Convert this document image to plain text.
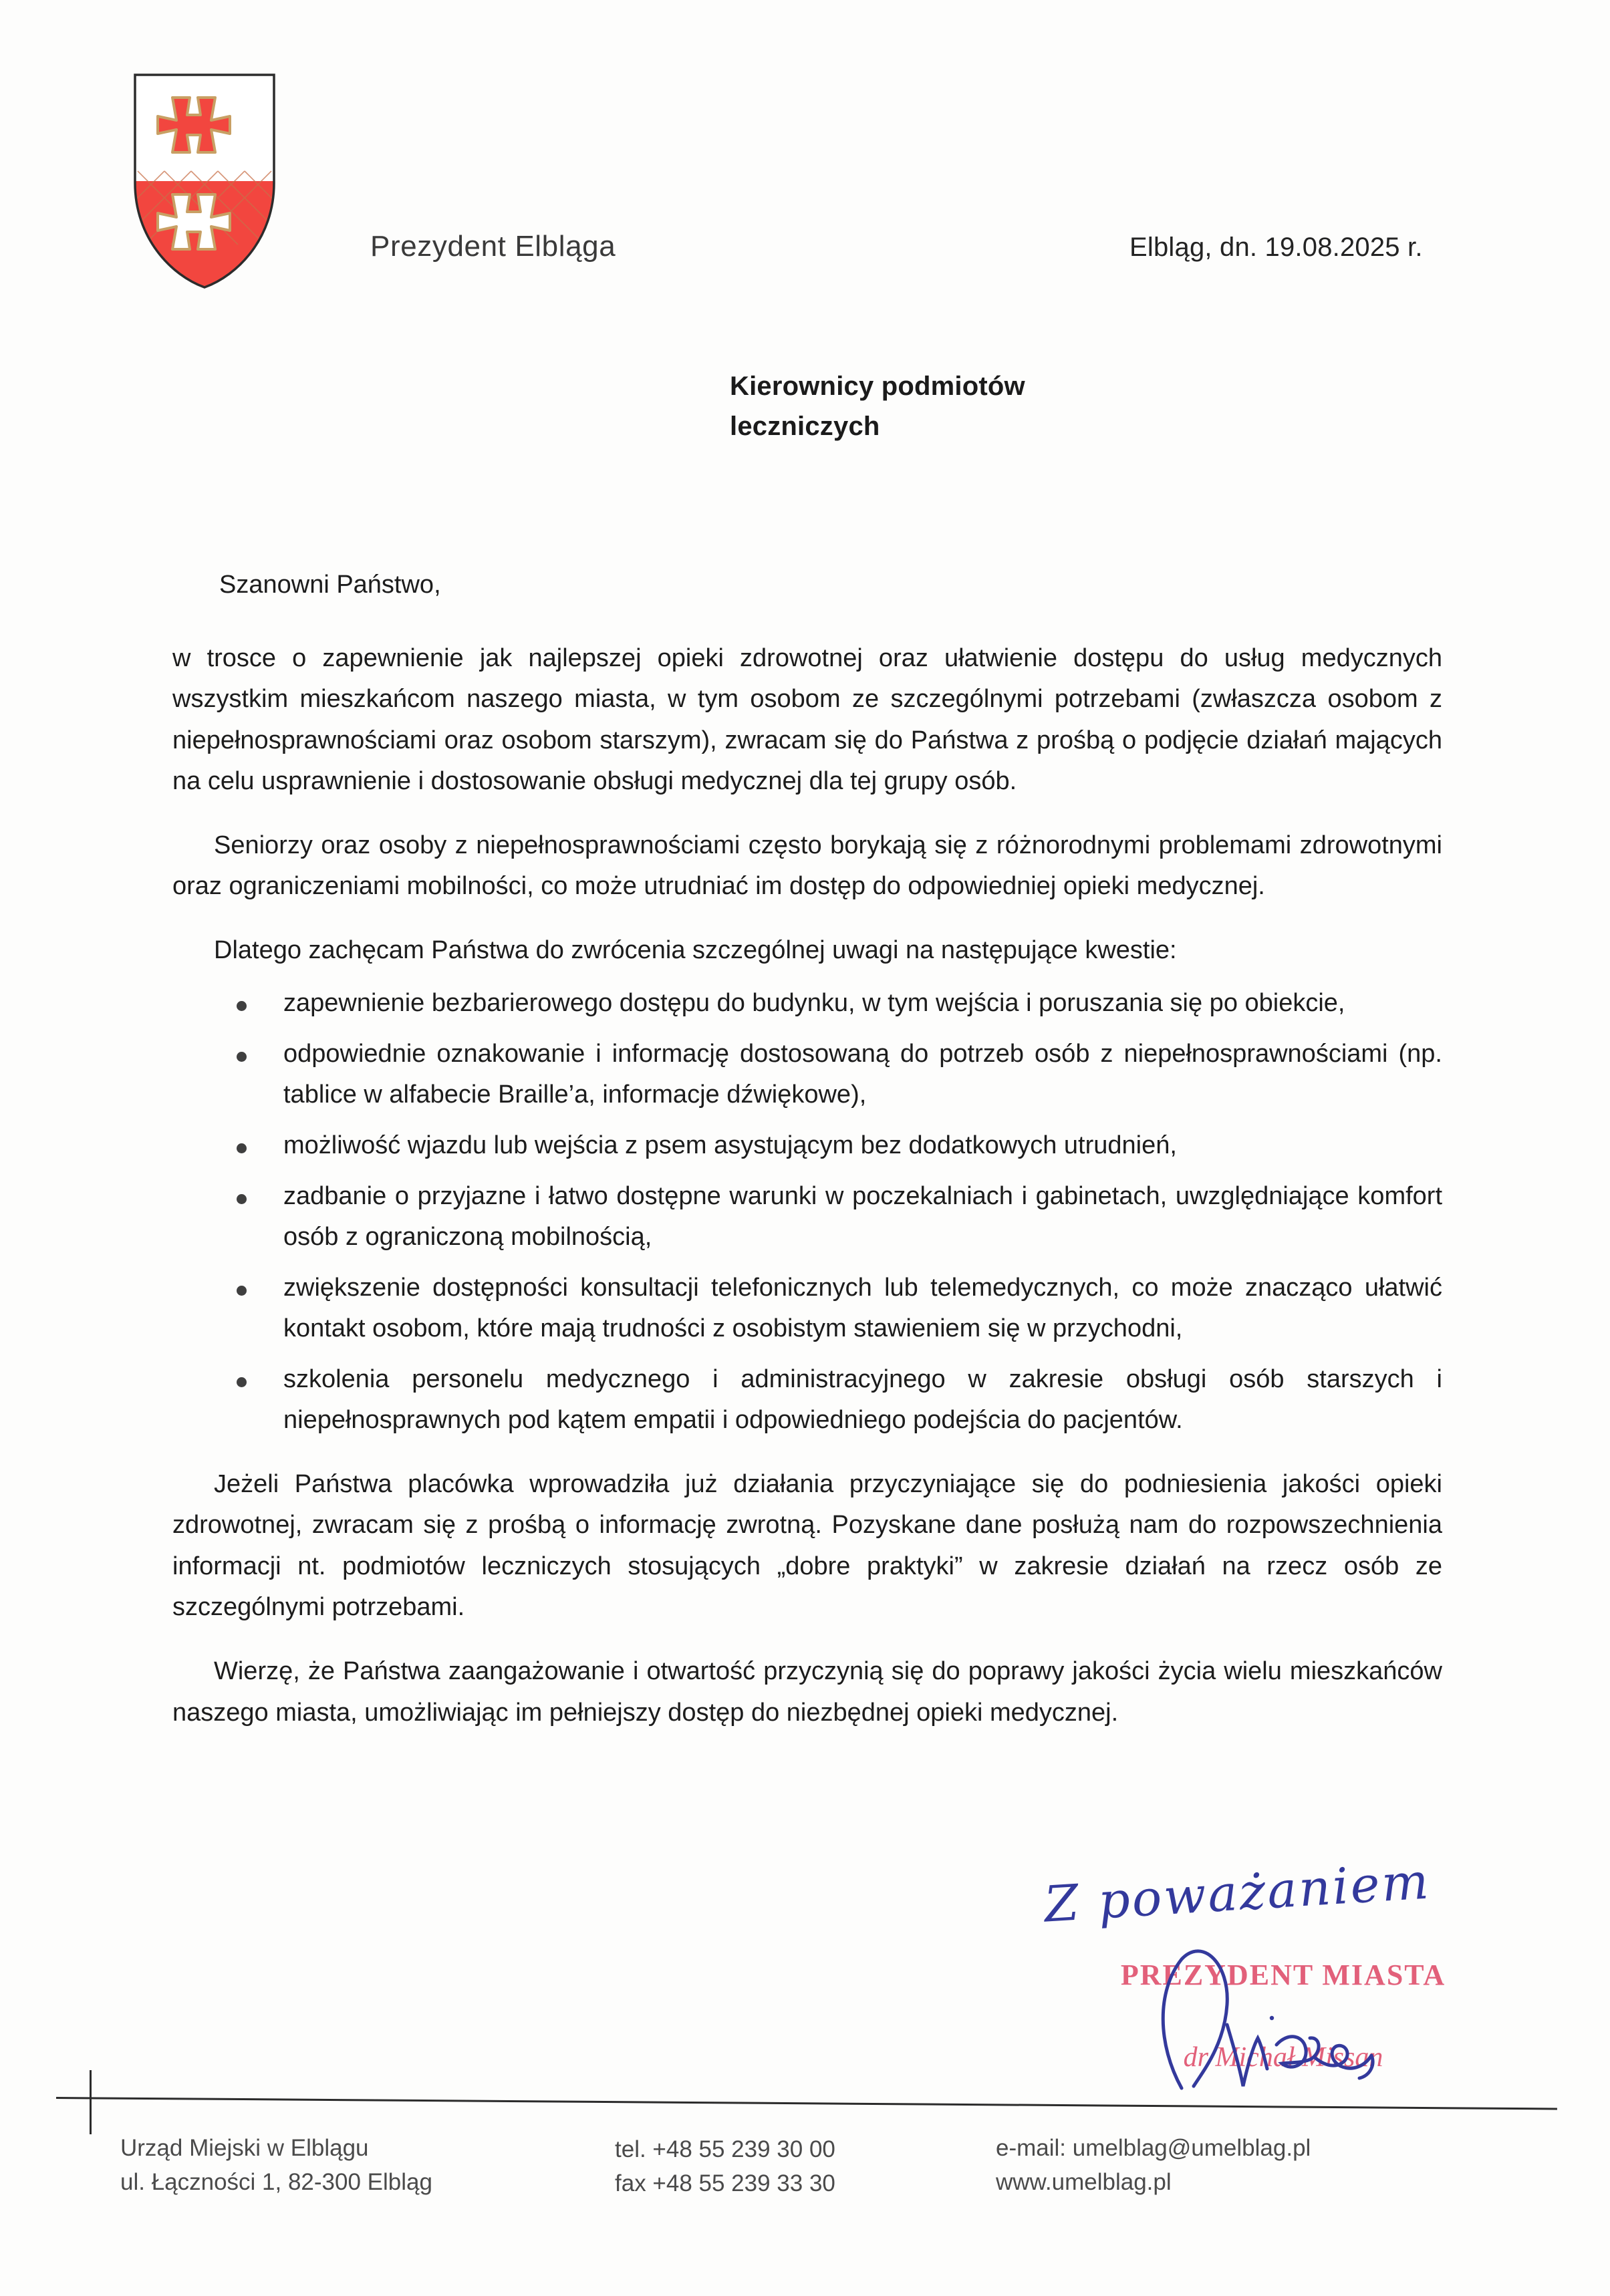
Prezydent Elbląga	Elbląg, dn. 19.08.2025 r.
Kierownicy podmiotów
leczniczych
Szanowni Państwo,

w trosce o zapewnienie jak najlepszej opieki zdrowotnej oraz ułatwienie dostępu do usług medycznych wszystkim mieszkańcom naszego miasta, w tym osobom ze szczególnymi potrzebami (zwłaszcza osobom z niepełnosprawnościami oraz osobom starszym), zwracam się do Państwa z prośbą o podjęcie działań mających na celu usprawnienie i dostosowanie obsługi medycznej dla tej grupy osób.

Seniorzy oraz osoby z niepełnosprawnościami często borykają się z różnorodnymi problemami zdrowotnymi oraz ograniczeniami mobilności, co może utrudniać im dostęp do odpowiedniej opieki medycznej.

Dlatego zachęcam Państwa do zwrócenia szczególnej uwagi na następujące kwestie:

zapewnienie bezbarierowego dostępu do budynku, w tym wejścia i poruszania się po obiekcie,
odpowiednie oznakowanie i informację dostosowaną do potrzeb osób z niepełnosprawnościami (np. tablice w alfabecie Braille’a, informacje dźwiękowe),
możliwość wjazdu lub wejścia z psem asystującym bez dodatkowych utrudnień,
zadbanie o przyjazne i łatwo dostępne warunki w poczekalniach i gabinetach, uwzględniające komfort osób z ograniczoną mobilnością,
zwiększenie dostępności konsultacji telefonicznych lub telemedycznych, co może znacząco ułatwić kontakt osobom, które mają trudności z osobistym stawieniem się w przychodni,
szkolenia personelu medycznego i administracyjnego w zakresie obsługi osób starszych i niepełnosprawnych pod kątem empatii i odpowiedniego podejścia do pacjentów.

Jeżeli Państwa placówka wprowadziła już działania przyczyniające się do podniesienia jakości opieki zdrowotnej, zwracam się z prośbą o informację zwrotną. Pozyskane dane posłużą nam do rozpowszechnienia informacji nt. podmiotów leczniczych stosujących „dobre praktyki” w zakresie działań na rzecz osób ze szczególnymi potrzebami.

Wierzę, że Państwa zaangażowanie i otwartość przyczynią się do poprawy jakości życia wielu mieszkańców naszego miasta, umożliwiając im pełniejszy dostęp do niezbędnej opieki medycznej.

Z poważaniem
PREZYDENT MIASTA
dr Michał Missan
Urząd Miejski w Elblągu
ul. Łączności 1, 82-300 Elbląg
tel. +48 55 239 30 00
fax +48 55 239 33 30
e-mail: umelblag@umelblag.pl
www.umelblag.pl
